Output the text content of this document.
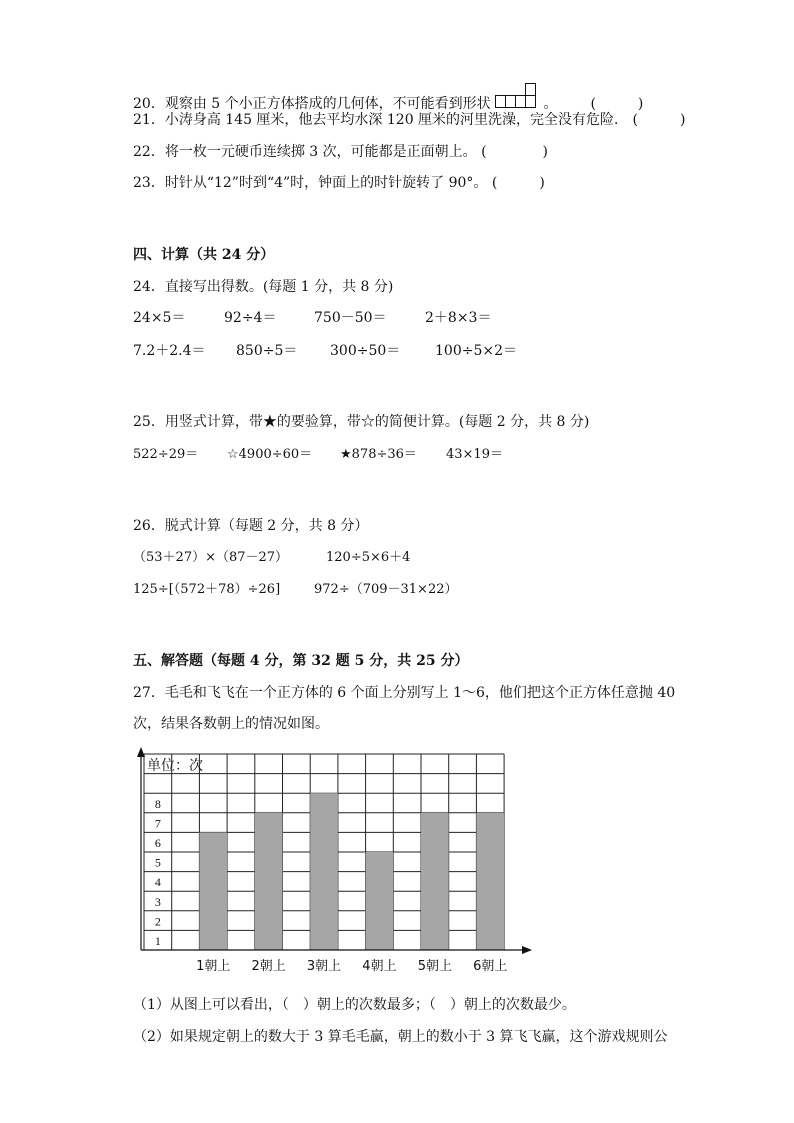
20．观察由 5 个小正方体搭成的几何体，不可能看到形状	。 (　　　)
21．小涛身高 145 厘米，他去平均水深 120 厘米的河里洗澡，完全没有危险． (　　　)
22．将一枚一元硬币连续掷 3 次，可能都是正面朝上。 (　　　　)
23．时针从“12”时到“4”时，钟面上的时针旋转了 90°。 (　　　)
四、计算（共 24 分）
24．直接写出得数。(每题 1 分，共 8 分)
24×5＝	92÷4＝	750－50＝	2＋8×3＝
7.2＋2.4＝ 850÷5＝ 300÷50＝ 100÷5×2＝
25．用竖式计算，带★的要验算，带☆的简便计算。(每题 2 分，共 8 分)
522÷29＝ ☆4900÷60＝ ★878÷36＝ 43×19＝
26．脱式计算（每题 2 分，共 8 分）
（53＋27）×（87－27）	120÷5×6＋4
125÷[（572＋78）÷26]	972÷（709－31×22）
五、解答题（每题 4 分，第 32 题 5 分，共 25 分）
27．毛毛和飞飞在一个正方体的 6 个面上分别写上 1～6，他们把这个正方体任意抛 40
次，结果各数朝上的情况如图。
单位：次
1
2
3
4
5
6
7
8
1朝上 2朝上 3朝上 4朝上 5朝上 6朝上
（1）从图上可以看出，（　）朝上的次数最多；（　）朝上的次数最少。
（2）如果规定朝上的数大于 3 算毛毛赢，朝上的数小于 3 算飞飞赢，这个游戏规则公
